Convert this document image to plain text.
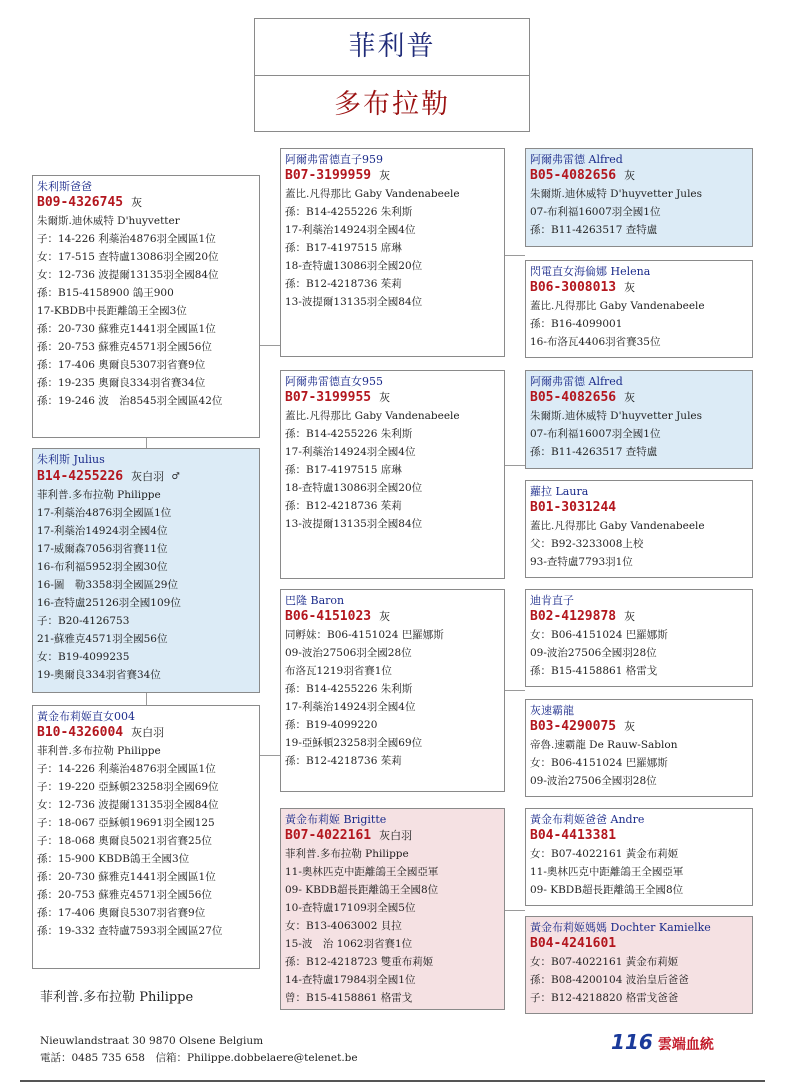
菲利普
多布拉勒
朱利斯爸爸
B09-4326745 灰
朱爾斯.迪休威特 D'huyvetter
子：14-226 利蘂治4876羽全國區1位
女：17-515 查特盧13086羽全國20位
女：12-736 波提爾13135羽全國84位
孫：B15-4158900 鴿王900
17-KBDB中長距離鴿王全國3位
孫：20-730 蘇雅克1441羽全國區1位
孫：20-753 蘇雅克4571羽全國56位
孫：17-406 奧爾良5307羽省賽9位
孫：19-235 奧爾良334羽省賽34位
孫：19-246 波　治8545羽全國區42位
朱利斯 Julius
B14-4255226 灰白羽 ♂
菲利普.多布拉勒 Philippe
17-利蘂治4876羽全國區1位
17-利蘂治14924羽全國4位
17-威爾森7056羽省賽11位
16-布利福5952羽全國30位
16-圖　勒3358羽全國區29位
16-查特盧25126羽全國109位
子：B20-4126753
21-蘇雅克4571羽全國56位
女：B19-4099235
19-奧爾良334羽省賽34位
黃金布莉姬直女004
B10-4326004 灰白羽
菲利普.多布拉勒 Philippe
子：14-226 利蘂治4876羽全國區1位
子：19-220 亞穌頓23258羽全國69位
女：12-736 波提爾13135羽全國84位
子：18-067 亞穌頓19691羽全國125
子：18-068 奧爾良5021羽省賽25位
孫：15-900 KBDB鴿王全國3位
孫：20-730 蘇雅克1441羽全國區1位
孫：20-753 蘇雅克4571羽全國56位
孫：17-406 奧爾良5307羽省賽9位
孫：19-332 查特盧7593羽全國區27位
阿爾弗雷德直子959
B07-3199959 灰
蓋比.凡得那比 Gaby Vandenabeele
孫：B14-4255226 朱利斯
17-利蘂治14924羽全國4位
孫：B17-4197515 席琳
18-查特盧13086羽全國20位
孫：B12-4218736 茱莉
13-波提爾13135羽全國84位
阿爾弗雷德直女955
B07-3199955 灰
蓋比.凡得那比 Gaby Vandenabeele
孫：B14-4255226 朱利斯
17-利蘂治14924羽全國4位
孫：B17-4197515 席琳
18-查特盧13086羽全國20位
孫：B12-4218736 茱莉
13-波提爾13135羽全國84位
巴隆 Baron
B06-4151023 灰
同孵妹：B06-4151024 巴羅娜斯
09-波治27506羽全國28位
布洛瓦1219羽省賽1位
孫：B14-4255226 朱利斯
17-利蘂治14924羽全國4位
孫：B19-4099220
19-亞穌頓23258羽全國69位
孫：B12-4218736 茱莉
黃金布莉姬 Brigitte
B07-4022161 灰白羽
菲利普.多布拉勒 Philippe
11-奧林匹克中距離鴿王全國亞軍
09- KBDB超長距離鴿王全國8位
10-查特盧17109羽全國5位
女：B13-4063002 貝拉
15-波　治 1062羽省賽1位
孫：B12-4218723 雙重布莉姬
14-查特盧17984羽全國1位
曾：B15-4158861 格雷戈
阿爾弗雷德 Alfred
B05-4082656 灰
朱爾斯.迪休威特 D'huyvetter Jules
07-布利福16007羽全國1位
孫：B11-4263517 查特盧
閃電直女海倫娜 Helena
B06-3008013 灰
蓋比.凡得那比 Gaby Vandenabeele
孫：B16-4099001
16-布洛瓦4406羽省賽35位
阿爾弗雷德 Alfred
B05-4082656 灰
朱爾斯.迪休威特 D'huyvetter Jules
07-布利福16007羽全國1位
孫：B11-4263517 查特盧
蘿拉 Laura
B01-3031244
蓋比.凡得那比 Gaby Vandenabeele
父：B92-3233008上校
93-查特盧7793羽1位
迪肯直子
B02-4129878 灰
女：B06-4151024 巴羅娜斯
09-波治27506全國羽28位
孫：B15-4158861 格雷戈
灰速霸龍
B03-4290075 灰
帝魯.速霸龍 De Rauw-Sablon
女：B06-4151024 巴羅娜斯
09-波治27506全國羽28位
黃金布莉姬爸爸 Andre
B04-4413381
女：B07-4022161 黃金布莉姬
11-奧林匹克中距離鴿王全國亞軍
09- KBDB超長距離鴿王全國8位
黃金布莉姬媽媽 Dochter Kamielke
B04-4241601
女：B07-4022161 黃金布莉姬
孫：B08-4200104 波治皇后爸爸
子：B12-4218820 格雷戈爸爸
菲利普.多布拉勒 Philippe
Nieuwlandstraat 30 9870 Olsene Belgium
電話：0485 735 658　信箱：Philippe.dobbelaere@telenet.be
116 雲端血統
